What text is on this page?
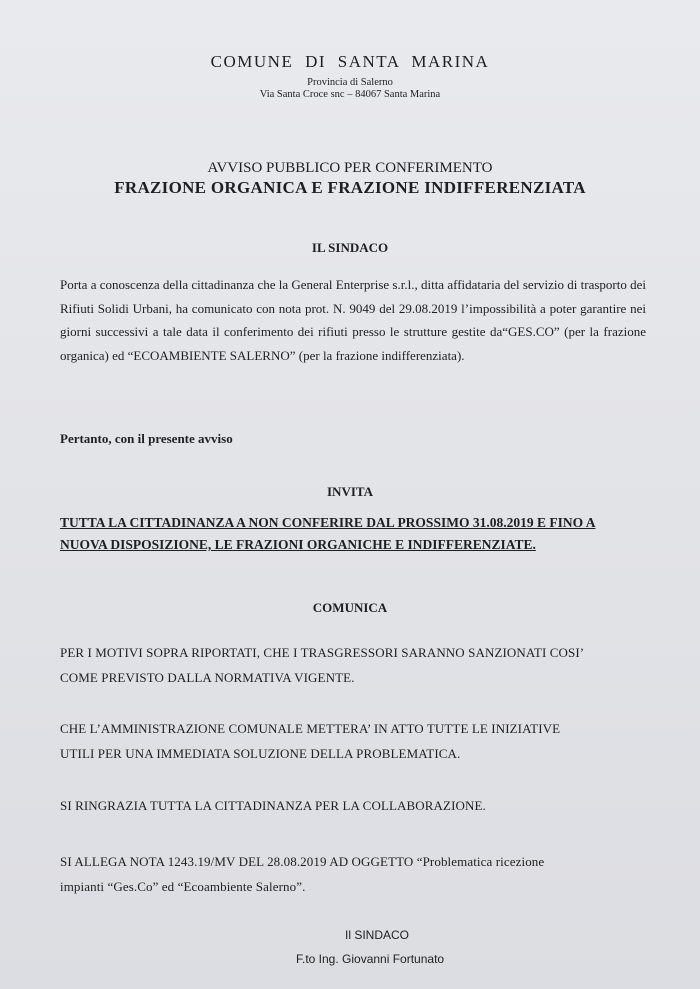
COMUNE DI SANTA MARINA
Provincia di Salerno
Via Santa Croce snc – 84067 Santa Marina
AVVISO PUBBLICO PER CONFERIMENTO
FRAZIONE ORGANICA E FRAZIONE INDIFFERENZIATA
IL SINDACO
Porta a conoscenza della cittadinanza che la General Enterprise s.r.l., ditta affidataria del servizio di trasporto dei Rifiuti Solidi Urbani, ha comunicato con nota prot. N. 9049 del 29.08.2019 l’impossibilità a poter garantire nei giorni successivi a tale data il conferimento dei rifiuti presso le strutture gestite da“GES.CO” (per la frazione organica) ed “ECOAMBIENTE SALERNO” (per la frazione indifferenziata).
Pertanto, con il presente avviso
INVITA
TUTTA LA CITTADINANZA A NON CONFERIRE DAL PROSSIMO 31.08.2019 E FINO A
NUOVA DISPOSIZIONE, LE FRAZIONI ORGANICHE E INDIFFERENZIATE.
COMUNICA
PER I MOTIVI SOPRA RIPORTATI, CHE I TRASGRESSORI SARANNO SANZIONATI COSI’
COME PREVISTO DALLA NORMATIVA VIGENTE.
CHE L’AMMINISTRAZIONE COMUNALE METTERA’ IN ATTO TUTTE LE INIZIATIVE
UTILI PER UNA IMMEDIATA SOLUZIONE DELLA PROBLEMATICA.
SI RINGRAZIA TUTTA LA CITTADINANZA PER LA COLLABORAZIONE.
SI ALLEGA NOTA 1243.19/MV DEL 28.08.2019 AD OGGETTO “Problematica ricezione
impianti “Ges.Co” ed “Ecoambiente Salerno”.
Il SINDACO
F.to Ing. Giovanni Fortunato
